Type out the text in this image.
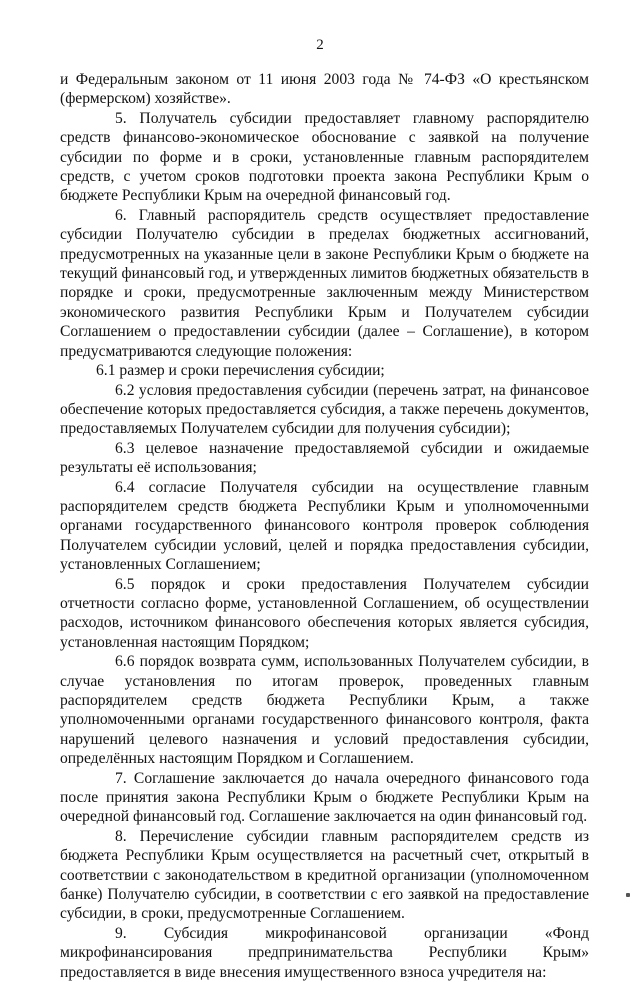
2

и Федеральным законом от 11 июня 2003 года № 74-ФЗ «О крестьянском (фермерском) хозяйстве».

5. Получатель субсидии предоставляет главному распорядителю средств финансово-экономическое обоснование с заявкой на получение субсидии по форме и в сроки, установленные главным распорядителем средств, с учетом сроков подготовки проекта закона Республики Крым о бюджете Республики Крым на очередной финансовый год.

6. Главный распорядитель средств осуществляет предоставление субсидии Получателю субсидии в пределах бюджетных ассигнований, предусмотренных на указанные цели в законе Республики Крым о бюджете на текущий финансовый год, и утвержденных лимитов бюджетных обязательств в порядке и сроки, предусмотренные заключенным между Министерством экономического развития Республики Крым и Получателем субсидии Соглашением о предоставлении субсидии (далее – Соглашение), в котором предусматриваются следующие положения:

6.1 размер и сроки перечисления субсидии;

6.2 условия предоставления субсидии (перечень затрат, на финансовое обеспечение которых предоставляется субсидия, а также перечень документов, предоставляемых Получателем субсидии для получения субсидии);

6.3 целевое назначение предоставляемой субсидии и ожидаемые результаты её использования;

6.4 согласие Получателя субсидии на осуществление главным распорядителем средств бюджета Республики Крым и уполномоченными органами государственного финансового контроля проверок соблюдения Получателем субсидии условий, целей и порядка предоставления субсидии, установленных Соглашением;

6.5 порядок и сроки предоставления Получателем субсидии отчетности согласно форме, установленной Соглашением, об осуществлении расходов, источником финансового обеспечения которых является субсидия, установленная настоящим Порядком;

6.6 порядок возврата сумм, использованных Получателем субсидии, в случае установления по итогам проверок, проведенных главным распорядителем средств бюджета Республики Крым, а также уполномоченными органами государственного финансового контроля, факта нарушений целевого назначения и условий предоставления субсидии, определённых настоящим Порядком и Соглашением.

7. Соглашение заключается до начала очередного финансового года после принятия закона Республики Крым о бюджете Республики Крым на очередной финансовый год. Соглашение заключается на один финансовый год.

8. Перечисление субсидии главным распорядителем средств из бюджета Республики Крым осуществляется на расчетный счет, открытый в соответствии с законодательством в кредитной организации (уполномоченном банке) Получателю субсидии, в соответствии с его заявкой на предоставление субсидии, в сроки, предусмотренные Соглашением.

9. Субсидия микрофинансовой организации «Фонд микрофинансирования предпринимательства Республики Крым» предоставляется в виде внесения имущественного взноса учредителя на:
